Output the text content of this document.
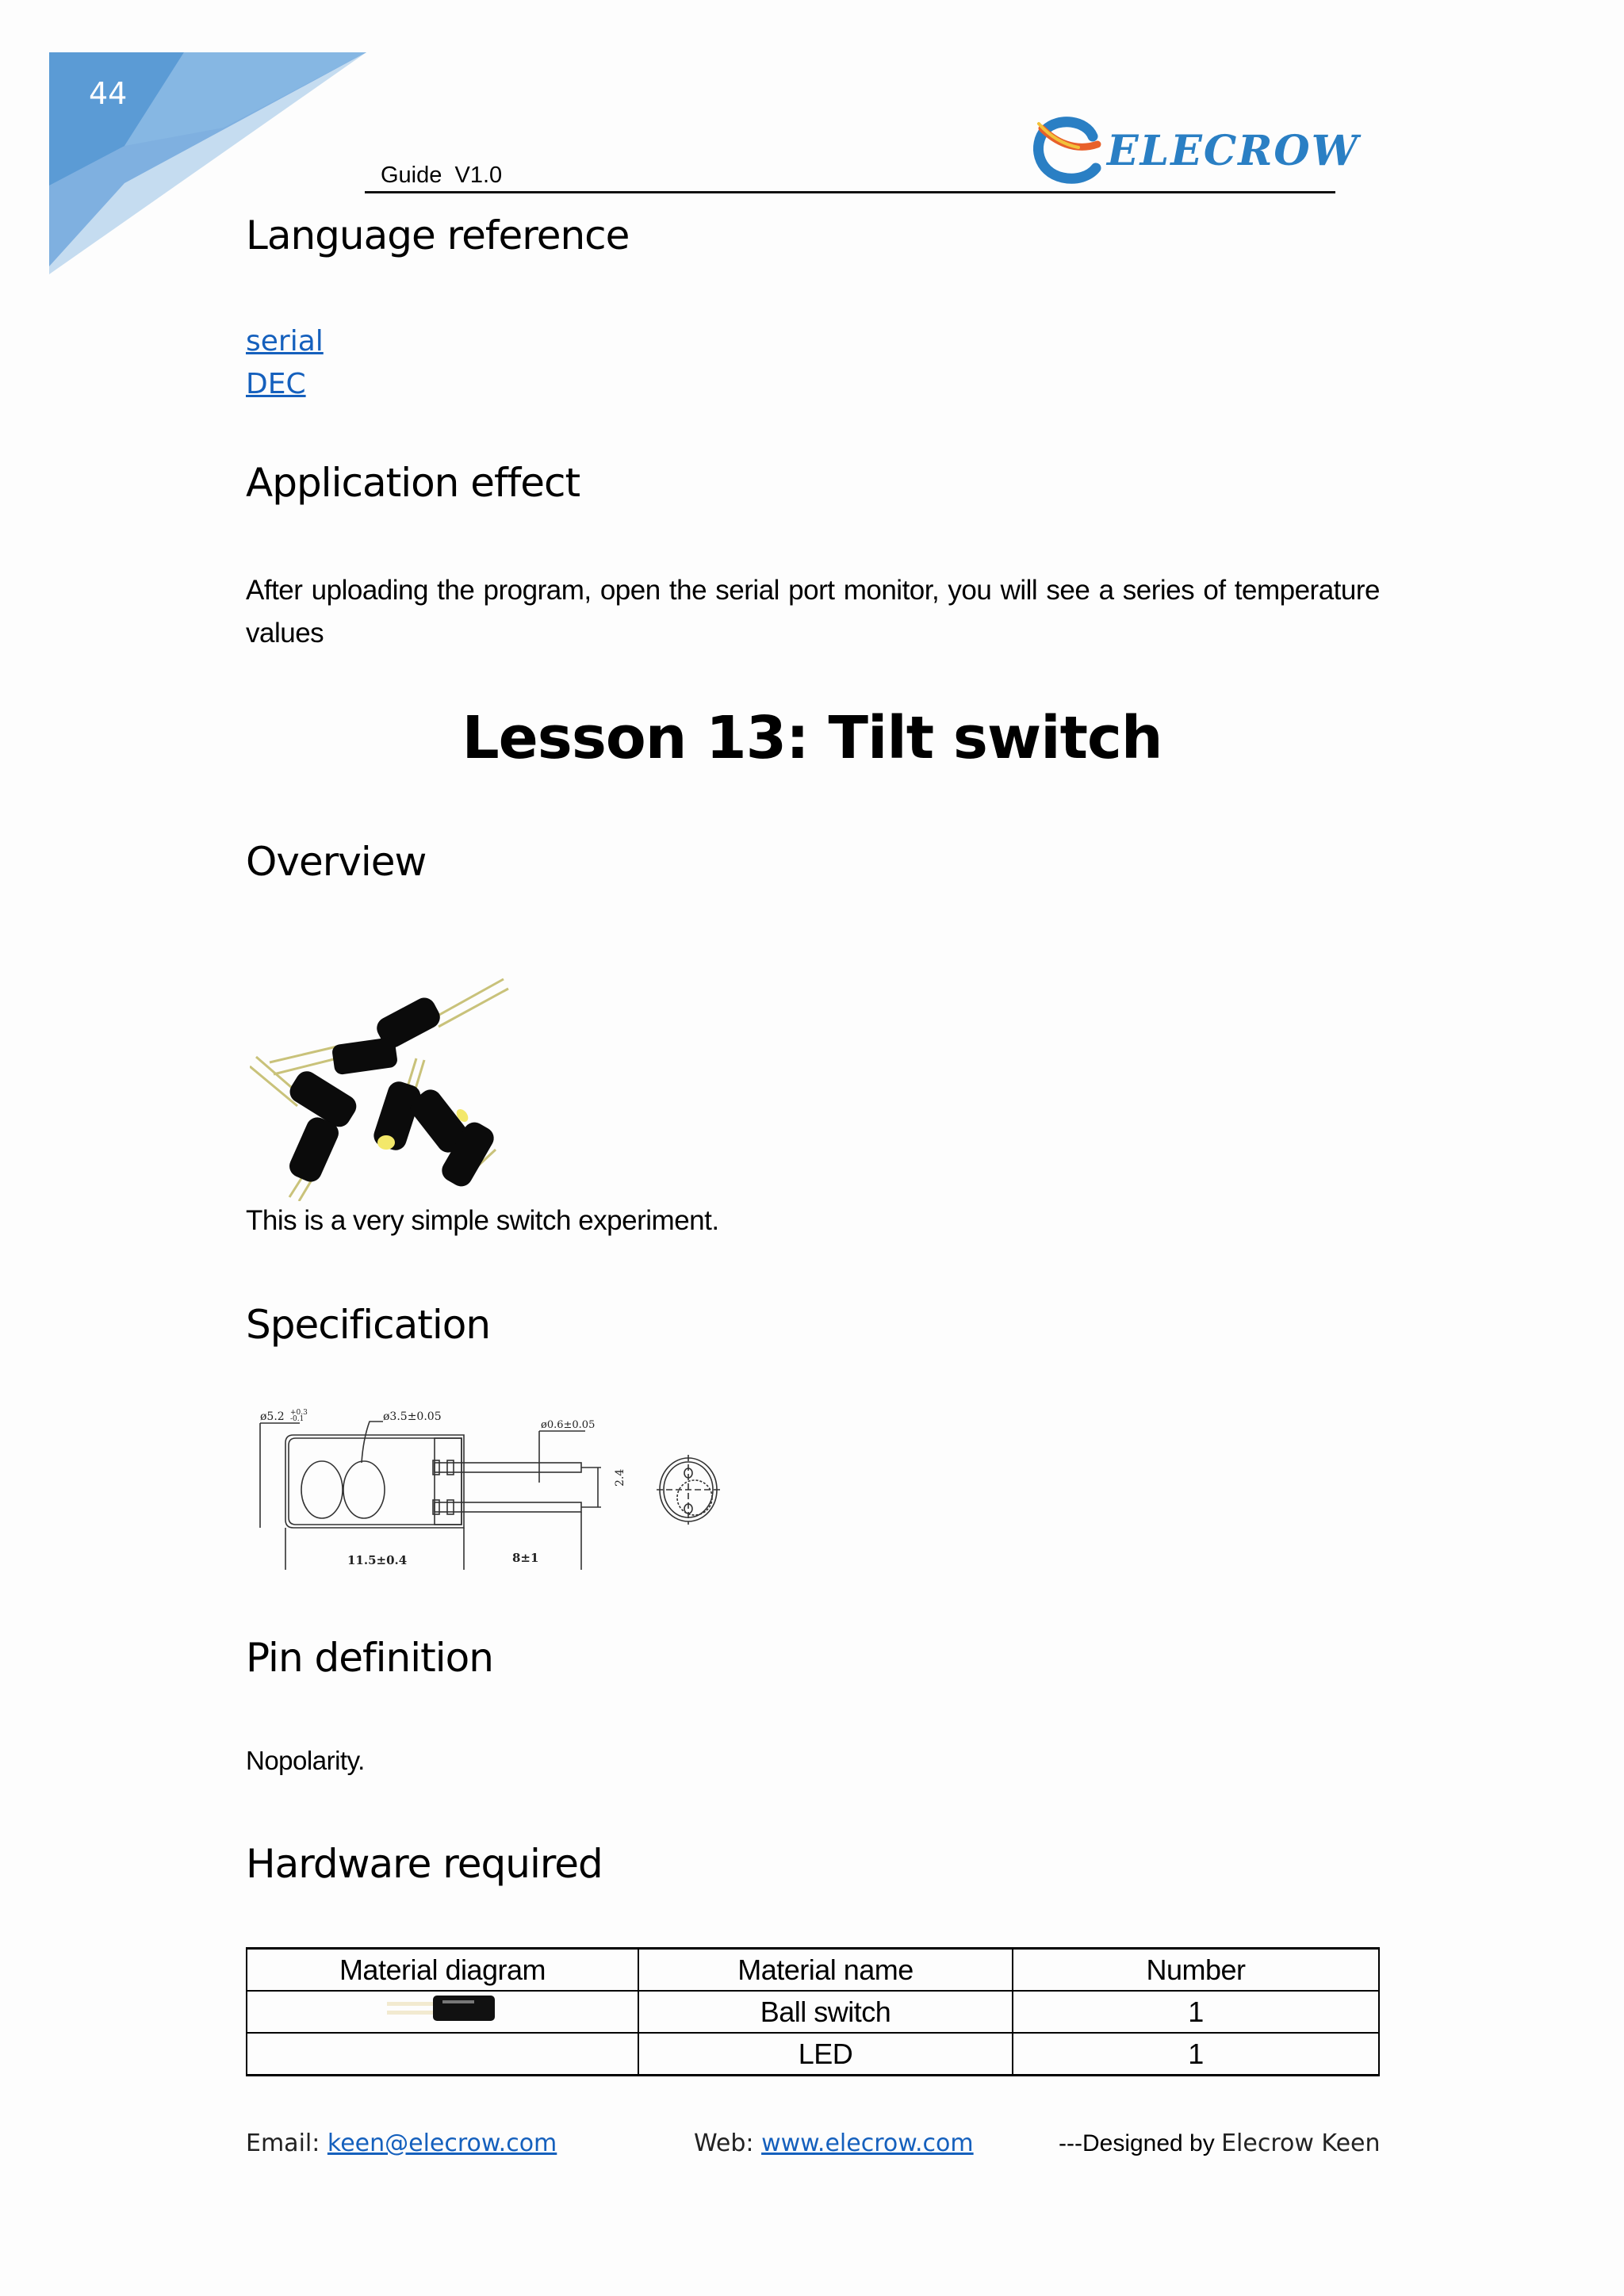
44
Guide  V1.0	ELECROW
Language reference
serial
DEC
Application effect
After uploading the program, open the serial port monitor, you will see a series of temperature values
Lesson 13: Tilt switch
Overview
This is a very simple switch experiment.
Specification
ø5.2 +0.3
-0.1	ø3.5±0.05
ø0.6±0.05
2.4
11.5±0.4	8±1
Pin definition
Nopolarity.
Hardware required
Material diagram	Material name	Number
	Ball switch	1
	LED	1
Email: keen@elecrow.com	Web: www.elecrow.com	---Designed by Elecrow Keen
